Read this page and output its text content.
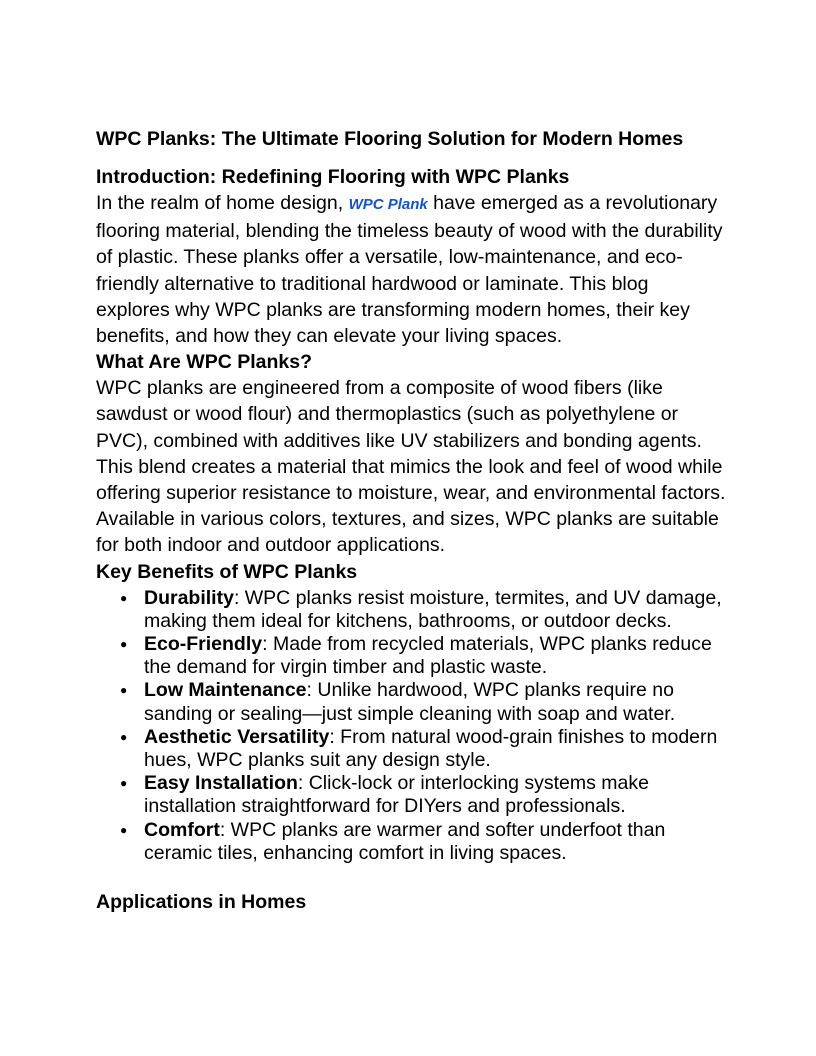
WPC Planks: The Ultimate Flooring Solution for Modern Homes

Introduction: Redefining Flooring with WPC Planks

In the realm of home design, WPC Plank have emerged as a revolutionary flooring material, blending the timeless beauty of wood with the durability of plastic. These planks offer a versatile, low-maintenance, and eco-friendly alternative to traditional hardwood or laminate. This blog explores why WPC planks are transforming modern homes, their key benefits, and how they can elevate your living spaces.

What Are WPC Planks?

WPC planks are engineered from a composite of wood fibers (like sawdust or wood flour) and thermoplastics (such as polyethylene or PVC), combined with additives like UV stabilizers and bonding agents. This blend creates a material that mimics the look and feel of wood while offering superior resistance to moisture, wear, and environmental factors. Available in various colors, textures, and sizes, WPC planks are suitable for both indoor and outdoor applications.

Key Benefits of WPC Planks

● Durability: WPC planks resist moisture, termites, and UV damage, making them ideal for kitchens, bathrooms, or outdoor decks.
● Eco-Friendly: Made from recycled materials, WPC planks reduce the demand for virgin timber and plastic waste.
● Low Maintenance: Unlike hardwood, WPC planks require no sanding or sealing—just simple cleaning with soap and water.
● Aesthetic Versatility: From natural wood-grain finishes to modern hues, WPC planks suit any design style.
● Easy Installation: Click-lock or interlocking systems make installation straightforward for DIYers and professionals.
● Comfort: WPC planks are warmer and softer underfoot than ceramic tiles, enhancing comfort in living spaces.

Applications in Homes
